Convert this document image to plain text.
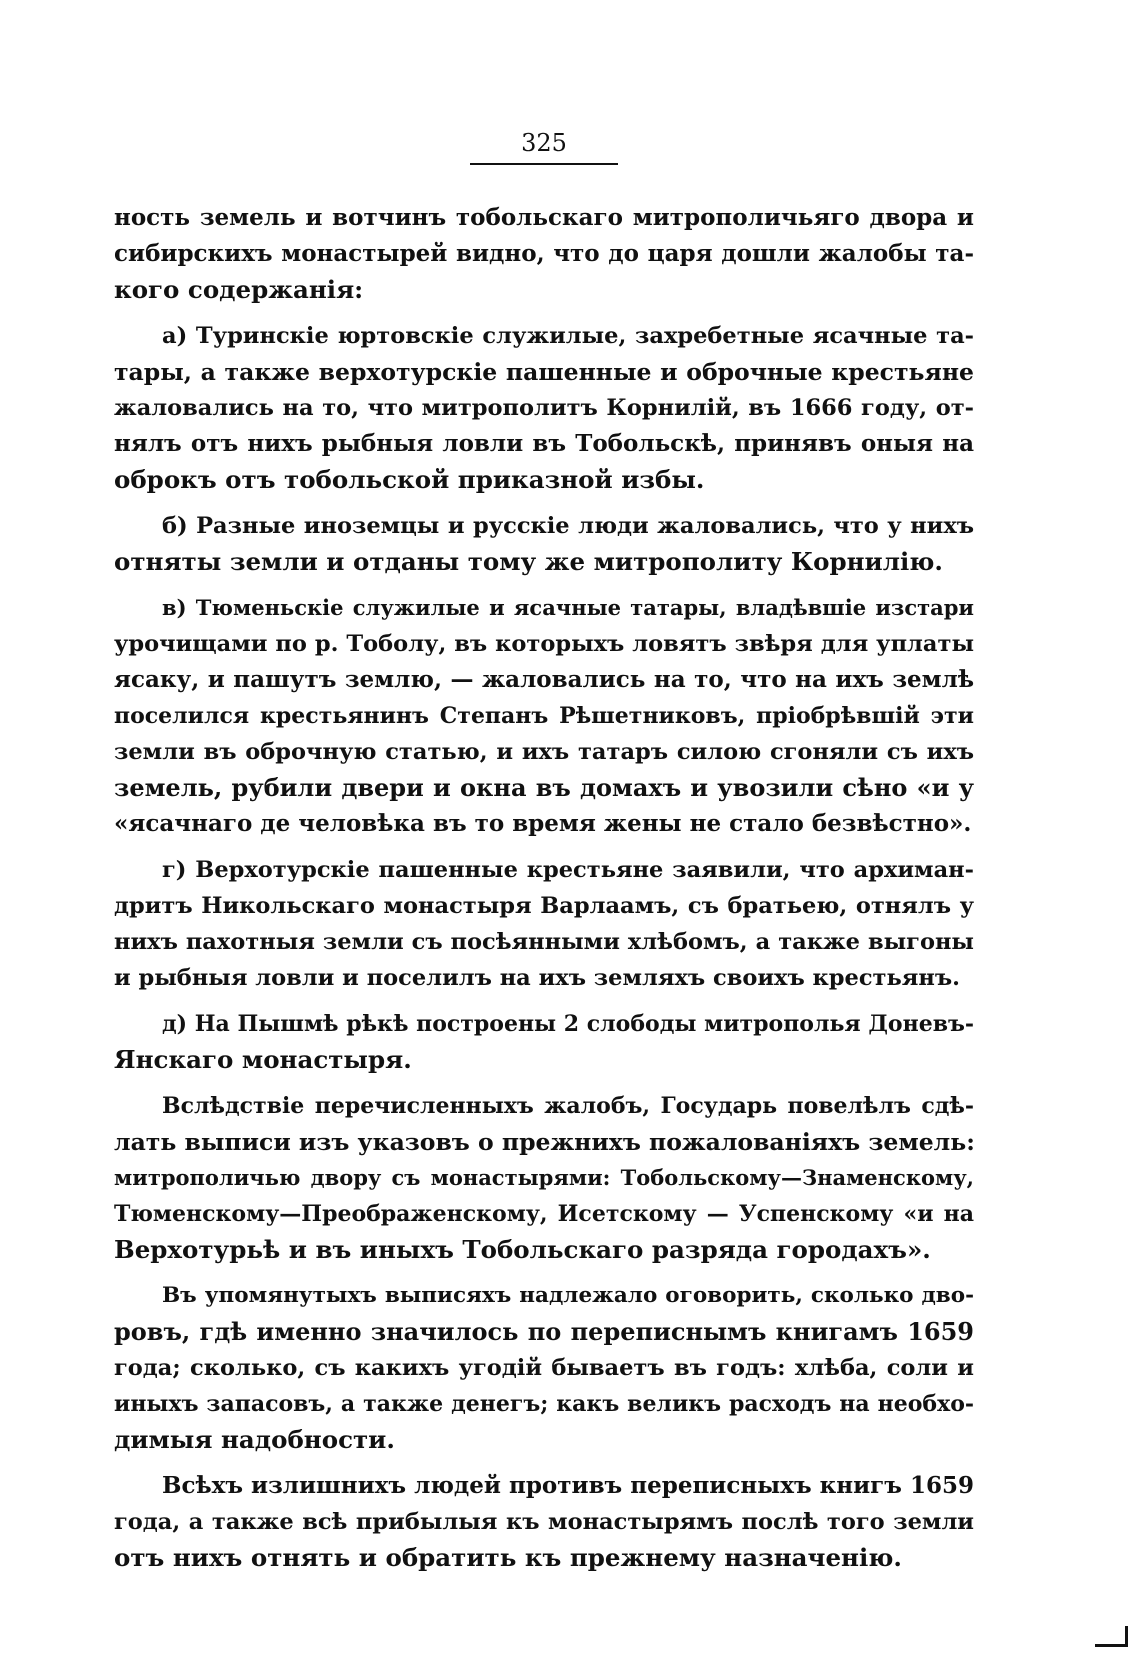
325
ность земель и вотчинъ тобольскаго митрополичьяго двора и
сибирскихъ монастырей видно, что до царя дошли жалобы та-
кого содержанія:
а) Туринскіе юртовскіе служилые, захребетные ясачные та-
тары, а также верхотурскіе пашенные и оброчные крестьяне
жаловались на то, что митрополитъ Корнилій, въ 1666 году, от-
нялъ отъ нихъ рыбныя ловли въ Тобольскѣ, принявъ оныя на
оброкъ отъ тобольской приказной избы.
б) Разные иноземцы и русскіе люди жаловались, что у нихъ
отняты земли и отданы тому же митрополиту Корнилію.
в) Тюменьскіе служилые и ясачные татары, владѣвшіе изстари
урочищами по р. Тоболу, въ которыхъ ловятъ звѣря для уплаты
ясаку, и пашутъ землю, — жаловались на то, что на ихъ землѣ
поселился крестьянинъ Степанъ Рѣшетниковъ, пріобрѣвшій эти
земли въ оброчную статью, и ихъ татаръ силою сгоняли съ ихъ
земель, рубили двери и окна въ домахъ и увозили сѣно «и у
«ясачнаго де человѣка въ то время жены не стало безвѣстно».
г) Верхотурскіе пашенные крестьяне заявили, что архиман-
дритъ Никольскаго монастыря Варлаамъ, съ братьею, отнялъ у
нихъ пахотныя земли съ посѣянными хлѣбомъ, а также выгоны
и рыбныя ловли и поселилъ на ихъ земляхъ своихъ крестьянъ.
д) На Пышмѣ рѣкѣ построены 2 слободы митрополья Доневъ-
Янскаго монастыря.
Вслѣдствіе перечисленныхъ жалобъ, Государь повелѣлъ сдѣ-
лать выписи изъ указовъ о прежнихъ пожалованіяхъ земель:
митрополичью двору съ монастырями: Тобольскому—Знаменскому,
Тюменскому—Преображенскому, Исетскому — Успенскому «и на
Верхотурьѣ и въ иныхъ Тобольскаго разряда городахъ».
Въ упомянутыхъ выписяхъ надлежало оговорить, сколько дво-
ровъ, гдѣ именно значилось по переписнымъ книгамъ 1659
года; сколько, съ какихъ угодій бываетъ въ годъ: хлѣба, соли и
иныхъ запасовъ, а также денегъ; какъ великъ расходъ на необхо-
димыя надобности.
Всѣхъ излишнихъ людей противъ переписныхъ книгъ 1659
года, а также всѣ прибылыя къ монастырямъ послѣ того земли
отъ нихъ отнять и обратить къ прежнему назначенію.
